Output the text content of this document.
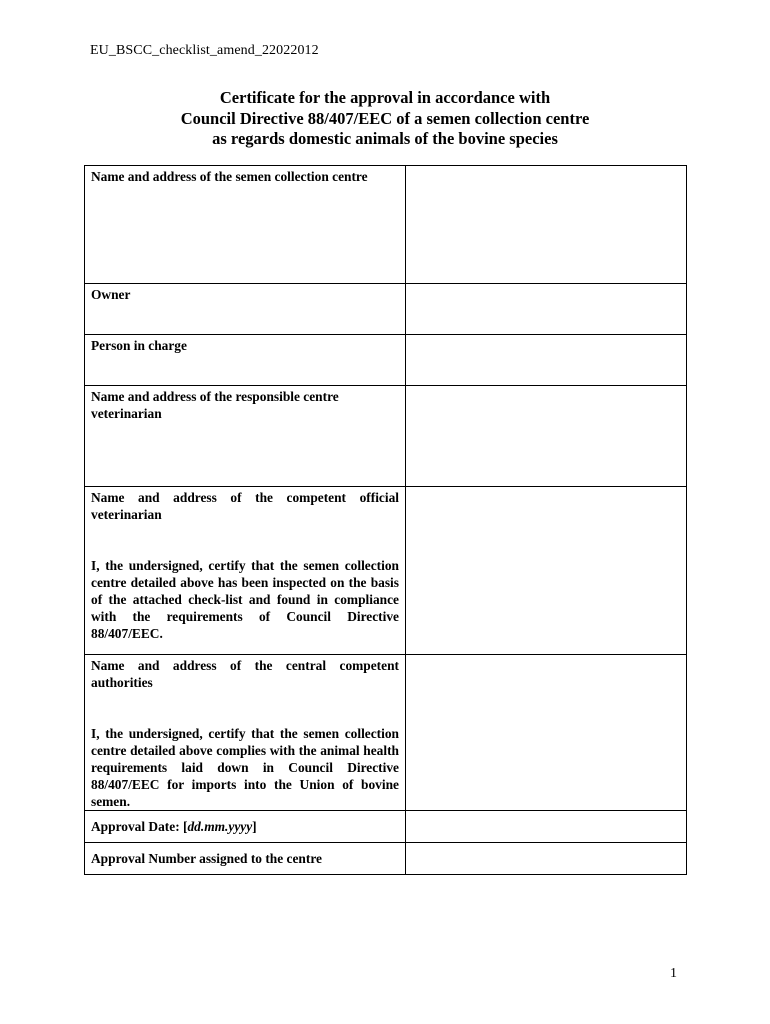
EU_BSCC_checklist_amend_22022012
Certificate for the approval in accordance with
Council Directive 88/407/EEC of a semen collection centre
as regards domestic animals of the bovine species
Name and address of the semen collection centre	

Owner	

Person in charge	

Name and address of the responsible centre veterinarian	

Name and address of the competent official veterinarian
I, the undersigned, certify that the semen collection centre detailed above has been inspected on the basis of the attached check-list and found in compliance with the requirements of Council Directive 88/407/EEC.	

Name and address of the central competent authorities
I, the undersigned, certify that the semen collection centre detailed above complies with the animal health requirements laid down in Council Directive 88/407/EEC for imports into the Union of bovine semen.	

Approval Date: [dd.mm.yyyy]	

Approval Number assigned to the centre	

1
